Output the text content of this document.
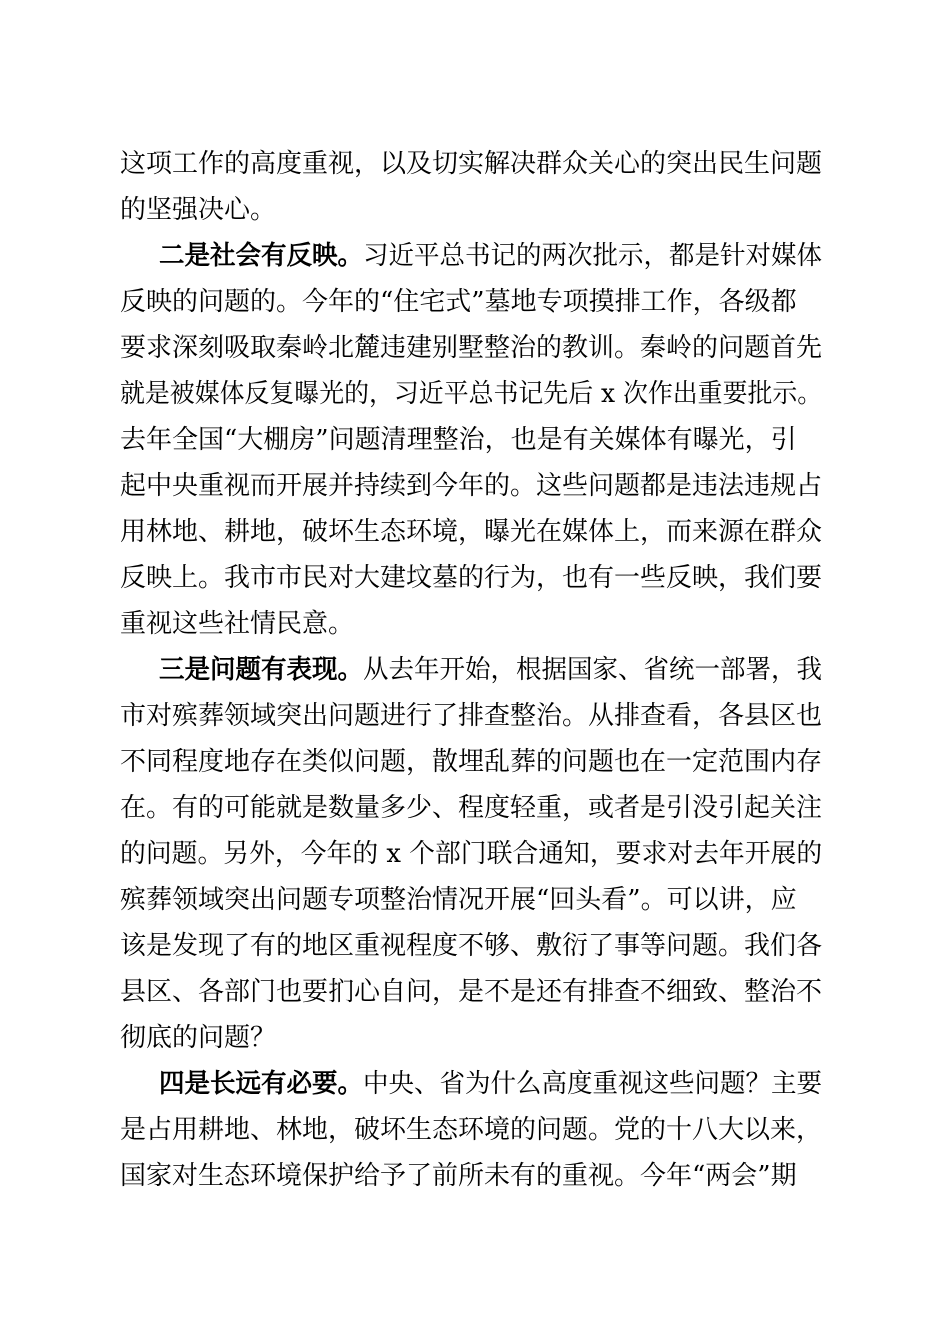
这项工作的高度重视，以及切实解决群众关心的突出民生问题
的坚强决心。
二是社会有反映。习近平总书记的两次批示，都是针对媒体
反映的问题的。今年的“住宅式”墓地专项摸排工作，各级都
要求深刻吸取秦岭北麓违建别墅整治的教训。秦岭的问题首先
就是被媒体反复曝光的，习近平总书记先后 x 次作出重要批示。
去年全国“大棚房”问题清理整治，也是有关媒体有曝光，引
起中央重视而开展并持续到今年的。这些问题都是违法违规占
用林地、耕地，破坏生态环境，曝光在媒体上，而来源在群众
反映上。我市市民对大建坟墓的行为，也有一些反映，我们要
重视这些社情民意。
三是问题有表现。从去年开始，根据国家、省统一部署，我
市对殡葬领域突出问题进行了排查整治。从排查看，各县区也
不同程度地存在类似问题，散埋乱葬的问题也在一定范围内存
在。有的可能就是数量多少、程度轻重，或者是引没引起关注
的问题。另外，今年的 x 个部门联合通知，要求对去年开展的
殡葬领域突出问题专项整治情况开展“回头看”。可以讲，应
该是发现了有的地区重视程度不够、敷衍了事等问题。我们各
县区、各部门也要扪心自问，是不是还有排查不细致、整治不
彻底的问题？
四是长远有必要。中央、省为什么高度重视这些问题？主要
是占用耕地、林地，破坏生态环境的问题。党的十八大以来，
国家对生态环境保护给予了前所未有的重视。今年“两会”期
